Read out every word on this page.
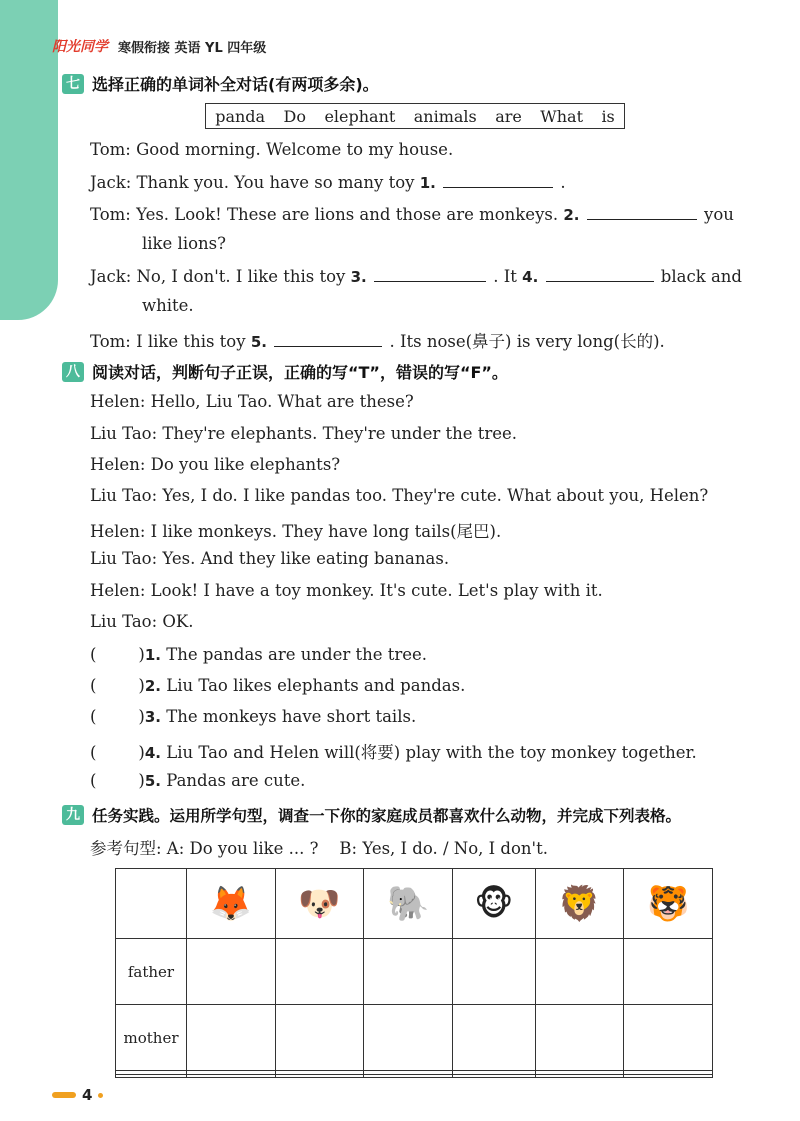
阳光同学 寒假衔接 英语 YL 四年级
七 选择正确的单词补全对话(有两项多余)。
panda Do elephant animals are What is
Tom: Good morning. Welcome to my house.
Jack: Thank you. You have so many toy 1.	.
Tom: Yes. Look! These are lions and those are monkeys. 2.	you
like lions?
Jack: No, I don't. I like this toy 3.	. It 4.	black and
white.
Tom: I like this toy 5.	. Its nose(鼻子) is very long(长的).
八 阅读对话，判断句子正误，正确的写“T”，错误的写“F”。
Helen: Hello, Liu Tao. What are these?
Liu Tao: They're elephants. They're under the tree.
Helen: Do you like elephants?
Liu Tao: Yes, I do. I like pandas too. They're cute. What about you, Helen?
Helen: I like monkeys. They have long tails(尾巴).
Liu Tao: Yes. And they like eating bananas.
Helen: Look! I have a toy monkey. It's cute. Let's play with it.
Liu Tao: OK.
(        )1. The pandas are under the tree.
(        )2. Liu Tao likes elephants and pandas.
(        )3. The monkeys have short tails.
(        )4. Liu Tao and Helen will(将要) play with the toy monkey together.
(        )5. Pandas are cute.
九 任务实践。运用所学句型，调查一下你的家庭成员都喜欢什么动物，并完成下列表格。
参考句型: A: Do you like ... ?    B: Yes, I do. / No, I don't.
	🦊	🐶	🐘	🐵	🦁	🐯
father						
mother						

4
